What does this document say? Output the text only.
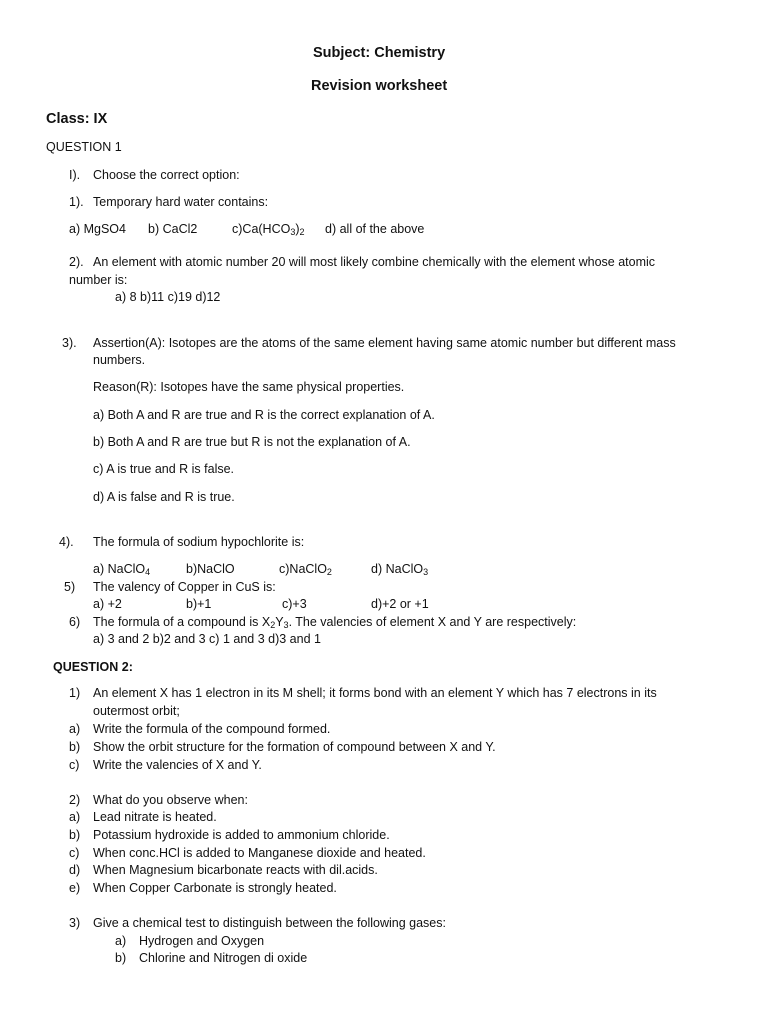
Subject: Chemistry
Revision worksheet
Class: IX
QUESTION 1
I). Choose the correct option:
1). Temporary hard water contains:
a) MgSO4 b) CaCl2	$c)Ca(HCO_3)_2$ d) all of the above
2). An element with atomic number 20 will most likely combine chemically with the element whose atomic
number is:
a) 8 b)11 c)19 d)12
3). Assertion(A): Isotopes are the atoms of the same element having same atomic number but different mass
numbers.
Reason(R): Isotopes have the same physical properties.
a) Both A and R are true and R is the correct explanation of A.
b) Both A and R are true but R is not the explanation of A.
c) A is true and R is false.
d) A is false and R is true.
4). The formula of sodium hypochlorite is:
a) NaClO$_4$	b)NaClO	c)NaClO$_2$	d) NaClO$_3$
5) The valency of Copper in CuS is:
a) +2	b)+1	c)+3	d)+2 or +1
6) The formula of a compound is $X_2Y_3$. The valencies of element X and Y are respectively:
a) 3 and 2 b)2 and 3 c) 1 and 3 d)3 and 1
QUESTION 2:
1) An element X has 1 electron in its M shell; it forms bond with an element Y which has 7 electrons in its
outermost orbit;
a) Write the formula of the compound formed.
b) Show the orbit structure for the formation of compound between X and Y.
c) Write the valencies of X and Y.
2) What do you observe when:
a) Lead nitrate is heated.
b) Potassium hydroxide is added to ammonium chloride.
c) When conc.HCl is added to Manganese dioxide and heated.
d) When Magnesium bicarbonate reacts with dil.acids.
e) When Copper Carbonate is strongly heated.
3) Give a chemical test to distinguish between the following gases:
a) Hydrogen and Oxygen
b) Chlorine and Nitrogen di oxide
